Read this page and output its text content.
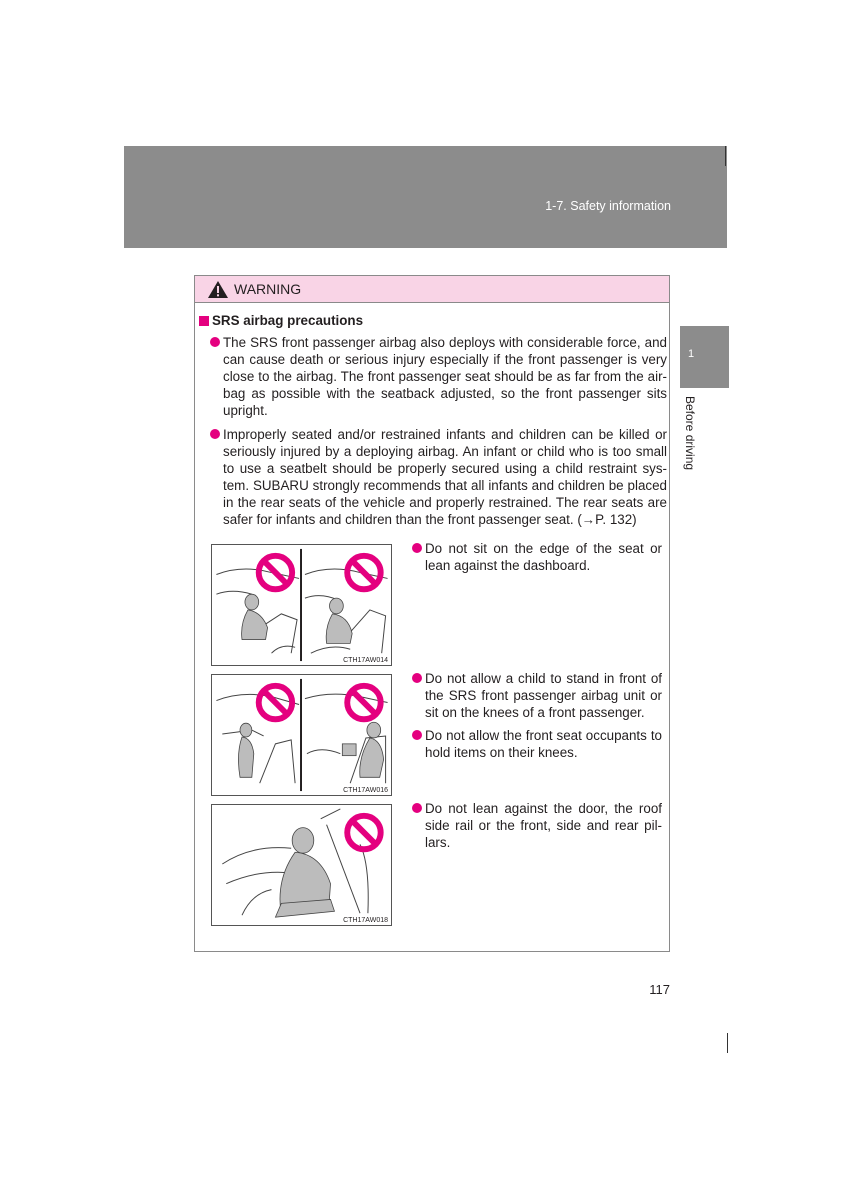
1-7. Safety information
1
Before driving
WARNING
SRS airbag precautions
The SRS front passenger airbag also deploys with considerable force, and can cause death or serious injury especially if the front passenger is very close to the airbag. The front passenger seat should be as far from the air-bag as possible with the seatback adjusted, so the front passenger sits upright.
Improperly seated and/or restrained infants and children can be killed or seriously injured by a deploying airbag. An infant or child who is too small to use a seatbelt should be properly secured using a child restraint sys-tem. SUBARU strongly recommends that all infants and children be placed in the rear seats of the vehicle and properly restrained. The rear seats are safer for infants and children than the front passenger seat. (→P. 132)
CTH17AW014
Do not sit on the edge of the seat or lean against the dashboard.
CTH17AW016
Do not allow a child to stand in front of the SRS front passenger airbag unit or sit on the knees of a front passenger.
Do not allow the front seat occupants to hold items on their knees.
CTH17AW018
Do not lean against the door, the roof side rail or the front, side and rear pil-lars.
117
